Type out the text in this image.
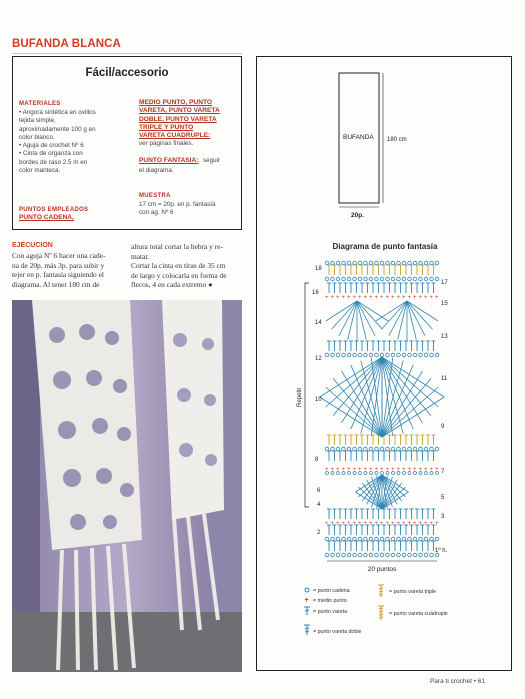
BUFANDA BLANCA
Fácil/accesorio
MATERIALES
• Angora sintética en ovillos
tejida simple,
aproximadamente 100 g en
color blanco.
• Aguja de crochet Nº 6
• Cinta de organza con
bordes de raso 2.5 m en
color manteca.
PUNTOS EMPLEADOS
PUNTO CADENA,
MEDIO PUNTO, PUNTO
VARETA, PUNTO VARETA
DOBLE, PUNTO VARETA
TRIPLE Y PUNTO
VARETA CUADRUPLE:
ver páginas finales.
PUNTO FANTASIA: seguir
el diagrama.
MUESTRA
17 cm = 20p. en p. fantasía
con ag. Nº 6
EJECUCION
Con aguja Nº 6 hacer una cade-
na de 20p. más 3p. para subir y
tejer en p. fantasía siguiendo el
diagrama. Al tener 180 cm de
altura total cortar la hebra y re-
matar.
Cortar la cinta en tiras de 35 cm
de largo y colocarla en forma de
flecos, 4 en cada extremo ●
BUFANDA 180 cm
20p.
Diagrama de punto fantasía
+ + + + + + + + + + + + + + + + + + + + +
+ + + + + + + + + + + + + + + + + + + + +
+ + + + + + + + + + + + + + + + + + + + +
18
16
14
12
10
8
6
4
2
17
15
13
11
9
7
5
3
1º h.
Repetir
20 puntos
= punto cadena
+ = medio punto
= punto vareta
= punto vareta doble
= punto vareta triple
= punto vareta cuádruple
Para ti crochet • 61
